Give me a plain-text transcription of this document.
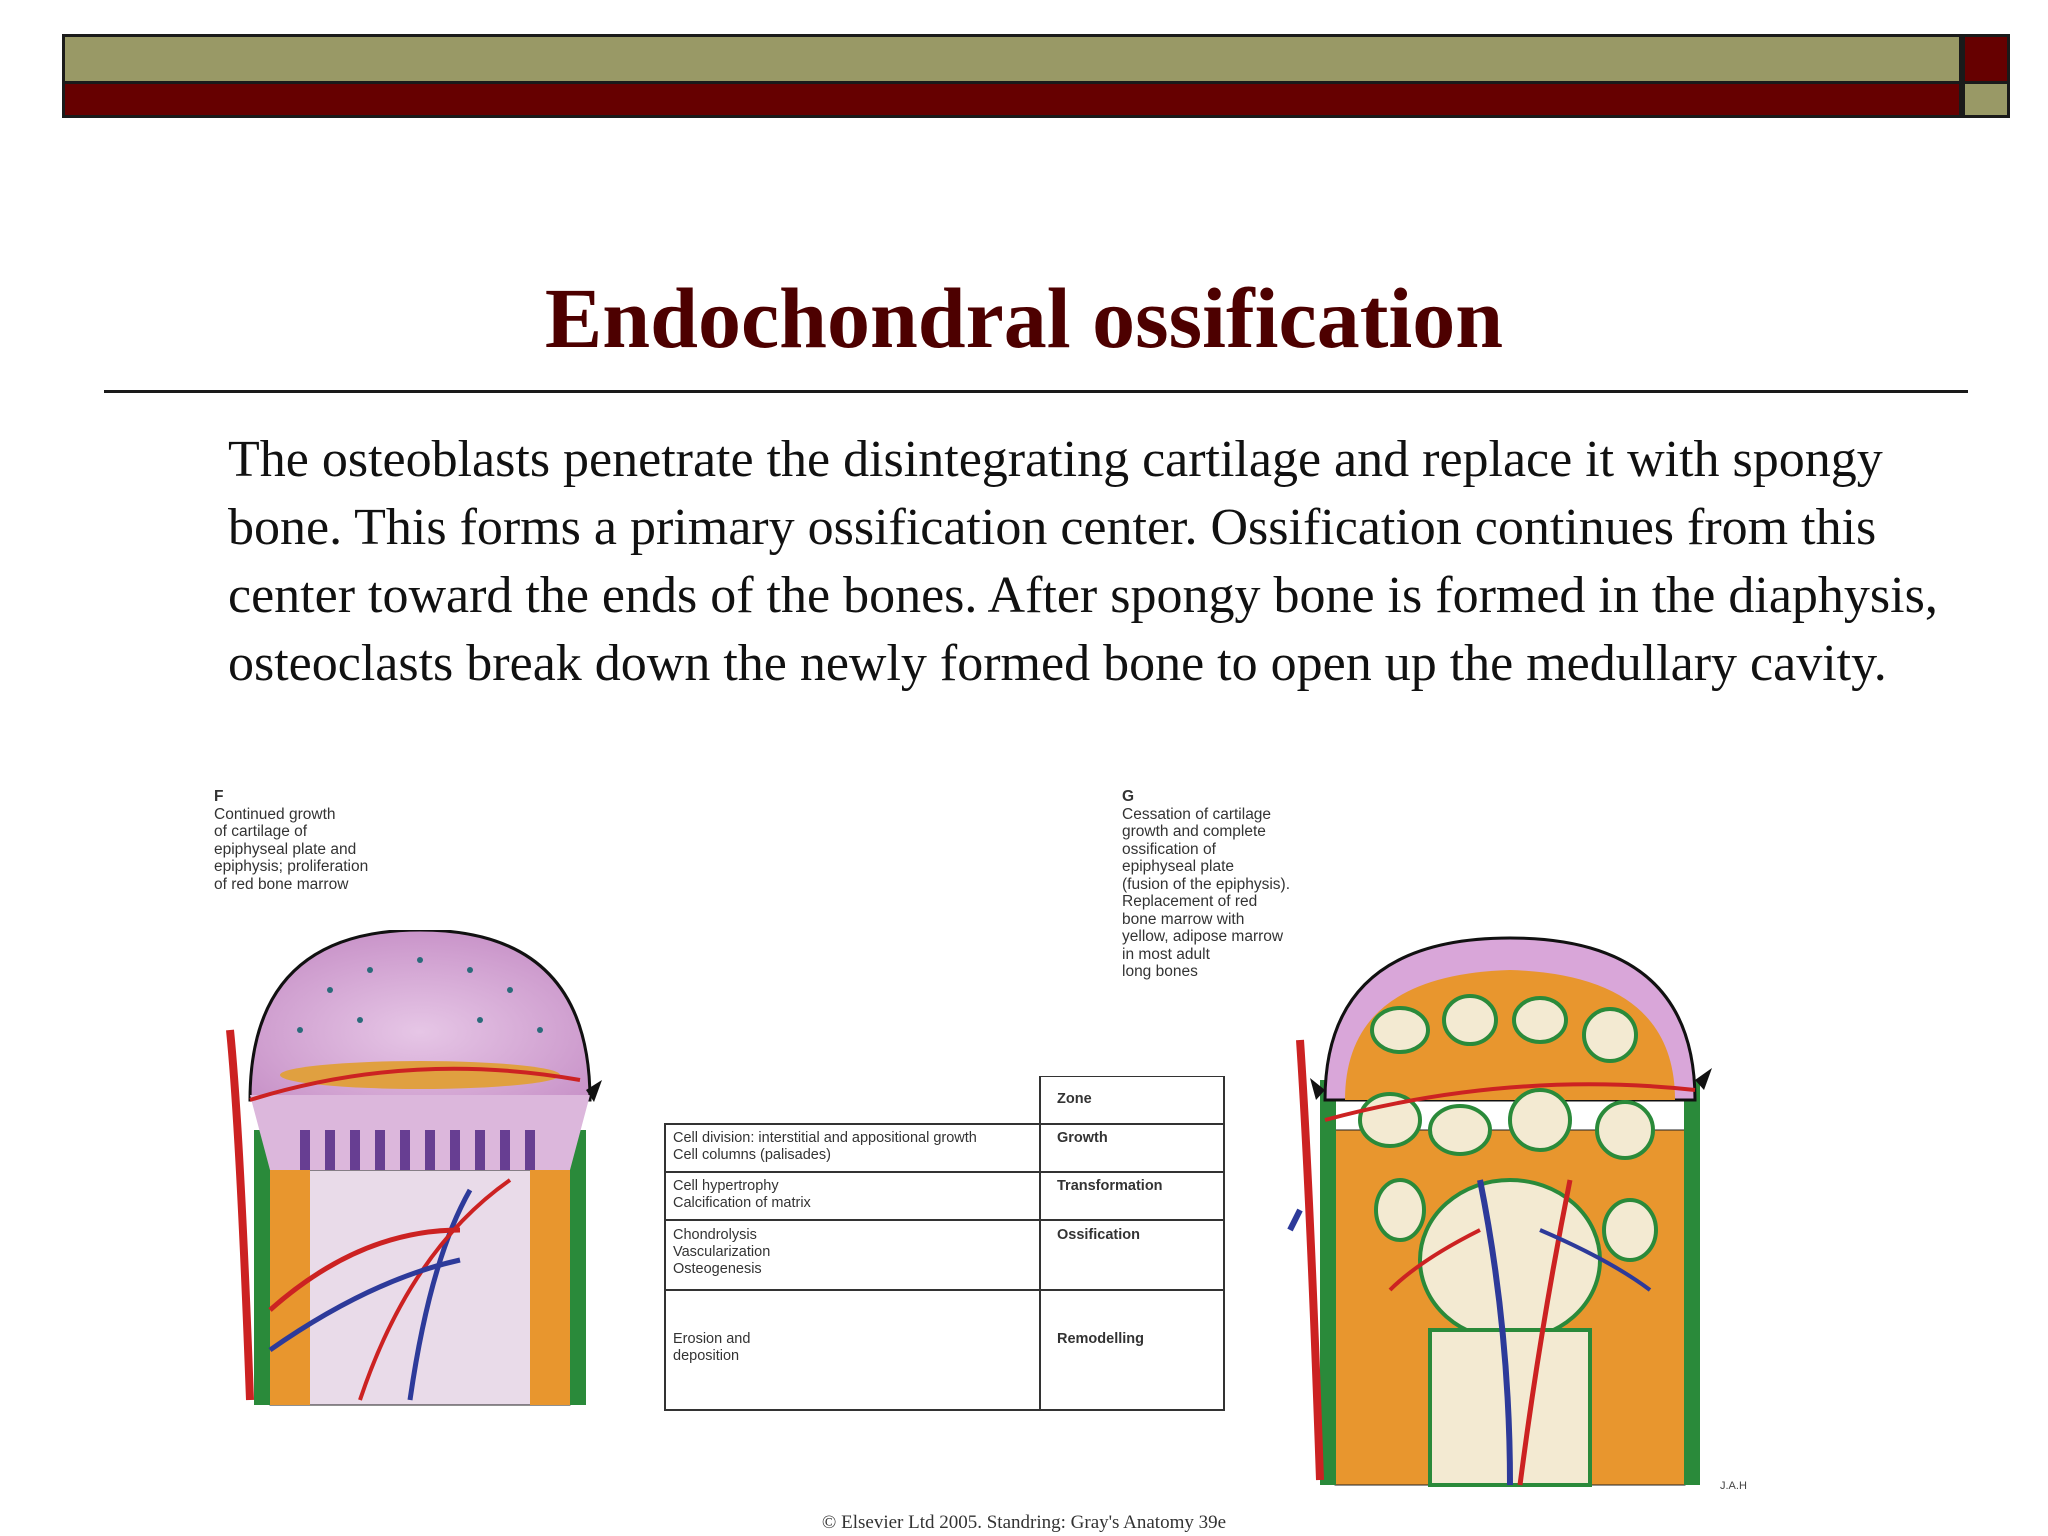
Endochondral ossification
The osteoblasts penetrate the disintegrating cartilage and replace it with spongy bone. This forms a primary ossification center. Ossification continues from this center toward the ends of the bones. After spongy bone is formed in the diaphysis, osteoclasts break down the newly formed bone to open up the medullary cavity.
F
Continued growth
of cartilage of
epiphyseal plate and
epiphysis; proliferation
of red bone marrow
G
Cessation of cartilage
growth and complete
ossification of
epiphyseal plate
(fusion of the epiphysis).
Replacement of red
bone marrow with
yellow, adipose marrow
in most adult
long bones
J.A.H
Zone
Cell division: interstitial and appositional growth
Cell columns (palisades)
Growth
Cell hypertrophy
Calcification of matrix
Transformation
Chondrolysis
Vascularization
Osteogenesis
Ossification
Erosion and
deposition
Remodelling
© Elsevier Ltd 2005. Standring: Gray's Anatomy 39e
